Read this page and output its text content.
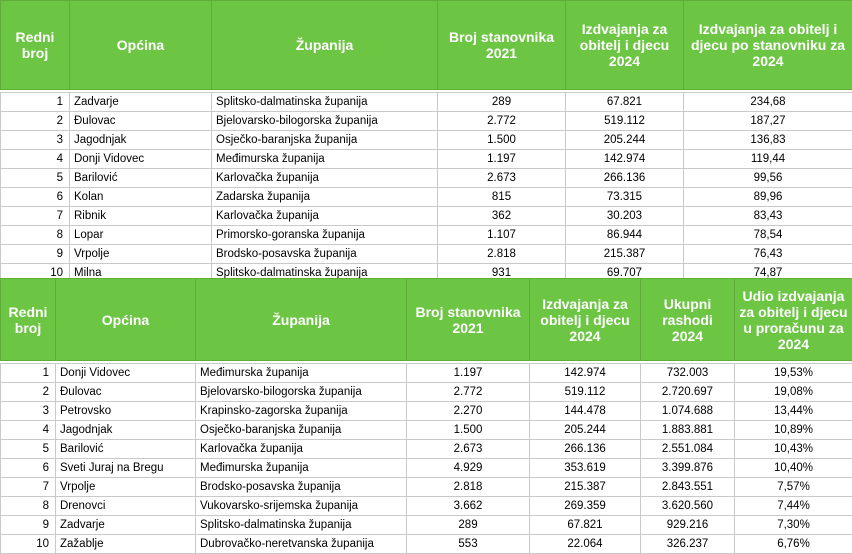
Redni broj	Općina	Županija	Broj stanovnika 2021	Izdvajanja za obitelj i djecu 2024	Izdvajanja za obitelj i djecu po stanovniku za 2024

1	Zadvarje	Splitsko-dalmatinska županija	289	67.821	234,68
2	Đulovac	Bjelovarsko-bilogorska županija	2.772	519.112	187,27
3	Jagodnjak	Osječko-baranjska županija	1.500	205.244	136,83
4	Donji Vidovec	Međimurska županija	1.197	142.974	119,44
5	Barilović	Karlovačka županija	2.673	266.136	99,56
6	Kolan	Zadarska županija	815	73.315	89,96
7	Ribnik	Karlovačka županija	362	30.203	83,43
8	Lopar	Primorsko-goranska županija	1.107	86.944	78,54
9	Vrpolje	Brodsko-posavska županija	2.818	215.387	76,43
10	Milna	Splitsko-dalmatinska županija	931	69.707	74,87
Redni broj	Općina	Županija	Broj stanovnika 2021	Izdvajanja za obitelj i djecu 2024	Ukupni rashodi 2024	Udio izdvajanja za obitelj i djecu u proračunu za 2024

1	Donji Vidovec	Međimurska županija	1.197	142.974	732.003	19,53%
2	Đulovac	Bjelovarsko-bilogorska županija	2.772	519.112	2.720.697	19,08%
3	Petrovsko	Krapinsko-zagorska županija	2.270	144.478	1.074.688	13,44%
4	Jagodnjak	Osječko-baranjska županija	1.500	205.244	1.883.881	10,89%
5	Barilović	Karlovačka županija	2.673	266.136	2.551.084	10,43%
6	Sveti Juraj na Bregu	Međimurska županija	4.929	353.619	3.399.876	10,40%
7	Vrpolje	Brodsko-posavska županija	2.818	215.387	2.843.551	7,57%
8	Drenovci	Vukovarsko-srijemska županija	3.662	269.359	3.620.560	7,44%
9	Zadvarje	Splitsko-dalmatinska županija	289	67.821	929.216	7,30%
10	Zažablje	Dubrovačko-neretvanska županija	553	22.064	326.237	6,76%
